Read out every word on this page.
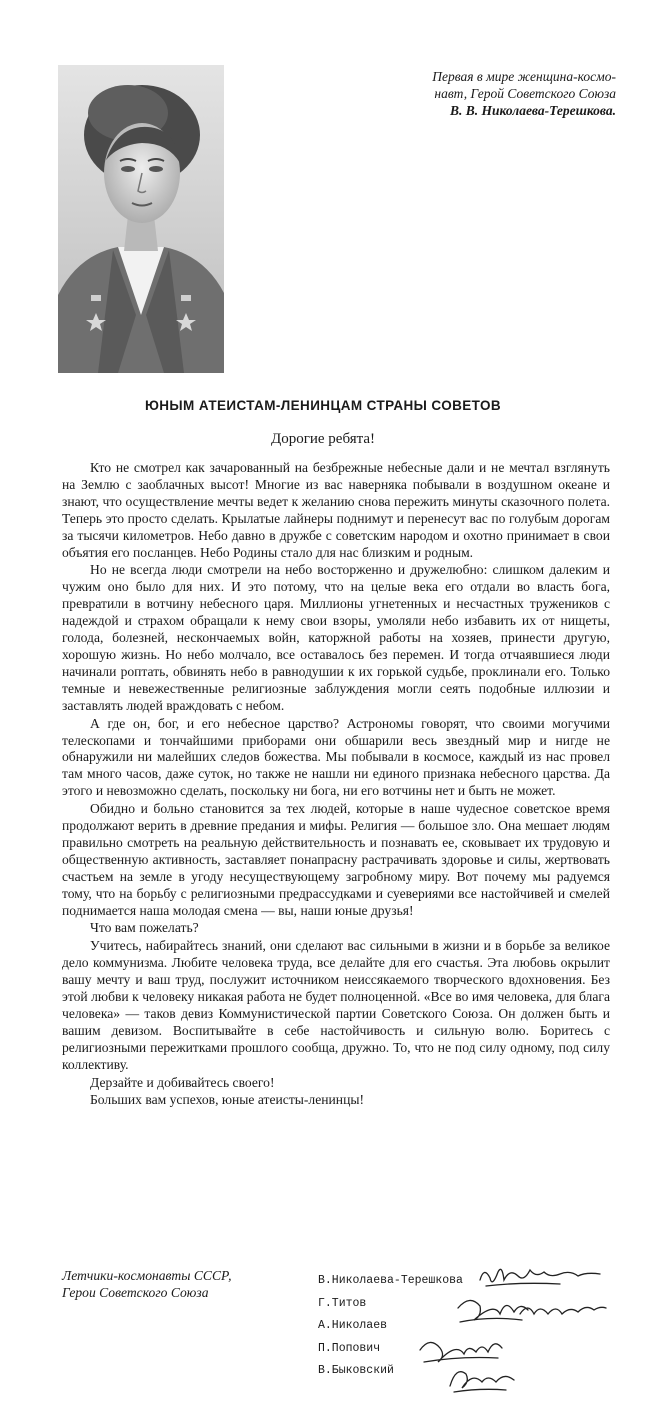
Первая в мире женщина-космо-
навт, Герой Советского Союза
В. В. Николаева-Терешкова.
ЮНЫМ АТЕИСТАМ-ЛЕНИНЦАМ СТРАНЫ СОВЕТОВ
Дорогие ребята!

Кто не смотрел как зачарованный на безбрежные небесные дали и не мечтал взглянуть на Землю с заоблачных высот! Многие из вас наверняка побывали в воздушном океане и знают, что осуществление мечты ведет к желанию снова пережить минуты сказочного полета. Теперь это просто сделать. Крылатые лайнеры поднимут и перенесут вас по голубым дорогам за тысячи километров. Небо давно в дружбе с советским народом и охотно принимает в свои объятия его посланцев. Небо Родины стало для нас близким и родным.

Но не всегда люди смотрели на небо восторженно и дружелюбно: слишком далеким и чужим оно было для них. И это потому, что на целые века его отдали во власть бога, превратили в вотчину небесного царя. Миллионы угнетенных и несчастных тружеников с надеждой и страхом обращали к нему свои взоры, умоляли небо избавить их от нищеты, голода, болезней, нескончаемых войн, каторжной работы на хозяев, принести другую, хорошую жизнь. Но небо молчало, все оставалось без перемен. И тогда отчаявшиеся люди начинали роптать, обвинять небо в равнодушии к их горькой судьбе, проклинали его. Только темные и невежественные религиозные заблуждения могли сеять подобные иллюзии и заставлять людей враждовать с небом.

А где он, бог, и его небесное царство? Астрономы говорят, что своими могучими телескопами и тончайшими приборами они обшарили весь звездный мир и нигде не обнаружили ни малейших следов божества. Мы побывали в космосе, каждый из нас провел там много часов, даже суток, но также не нашли ни единого признака небесного царства. Да этого и невозможно сделать, поскольку ни бога, ни его вотчины нет и быть не может.

Обидно и больно становится за тех людей, которые в наше чудесное советское время продолжают верить в древние предания и мифы. Религия — большое зло. Она мешает людям правильно смотреть на реальную действительность и познавать ее, сковывает их трудовую и общественную активность, заставляет понапрасну растрачивать здоровье и силы, жертвовать счастьем на земле в угоду несуществующему загробному миру. Вот почему мы радуемся тому, что на борьбу с религиозными предрассудками и суевериями все настойчивей и смелей поднимается наша молодая смена — вы, наши юные друзья!

Что вам пожелать?

Учитесь, набирайтесь знаний, они сделают вас сильными в жизни и в борьбе за великое дело коммунизма. Любите человека труда, все делайте для его счастья. Эта любовь окрылит вашу мечту и ваш труд, послужит источником неиссякаемого творческого вдохновения. Без этой любви к человеку никакая работа не будет полноценной. «Все во имя человека, для блага человека» — таков девиз Коммунистической партии Советского Союза. Он должен быть и вашим девизом. Воспитывайте в себе настойчивость и сильную волю. Боритесь с религиозными пережитками прошлого сообща, дружно. То, что не под силу одному, под силу коллективу.

Дерзайте и добивайтесь своего!

Больших вам успехов, юные атеисты-ленинцы!

Летчики-космонавты СССР,
Герои Советского Союза
В.Николаева-Терешкова
Г.Титов
А.Николаев
П.Попович
В.Быковский
